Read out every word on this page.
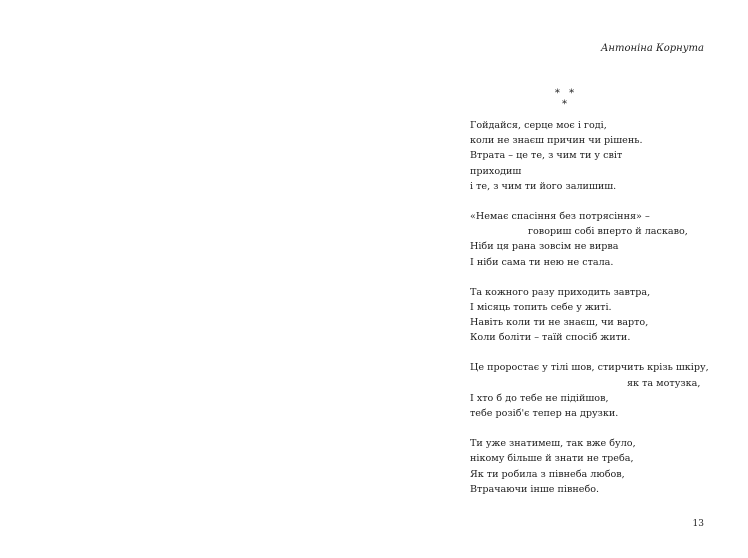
Антоніна Корнута
* * *
Гойдайся, серце моє і годі,
коли не знаєш причин чи рішень.
Втрата – це те, з чим ти у світ
приходиш
і те, з чим ти його залишиш.
«Немає спасіння без потрясіння» –
говориш собі вперто й ласкаво,
Ніби ця рана зовсім не вирва
І ніби сама ти нею не стала.
Та кожного разу приходить завтра,
І місяць топить себе у житі.
Навіть коли ти не знаєш, чи варто,
Коли боліти – таїй спосіб жити.
Це проростає у тілі шов, стирчить крізь шкіру,
як та мотузка,
І хто б до тебе не підійшов,
тебе розіб'є тепер на друзки.
Ти уже знатимеш, так вже було,
нікому більше й знати не треба,
Як ти робила з півнеба любов,
Втрачаючи інше півнебо.
13
